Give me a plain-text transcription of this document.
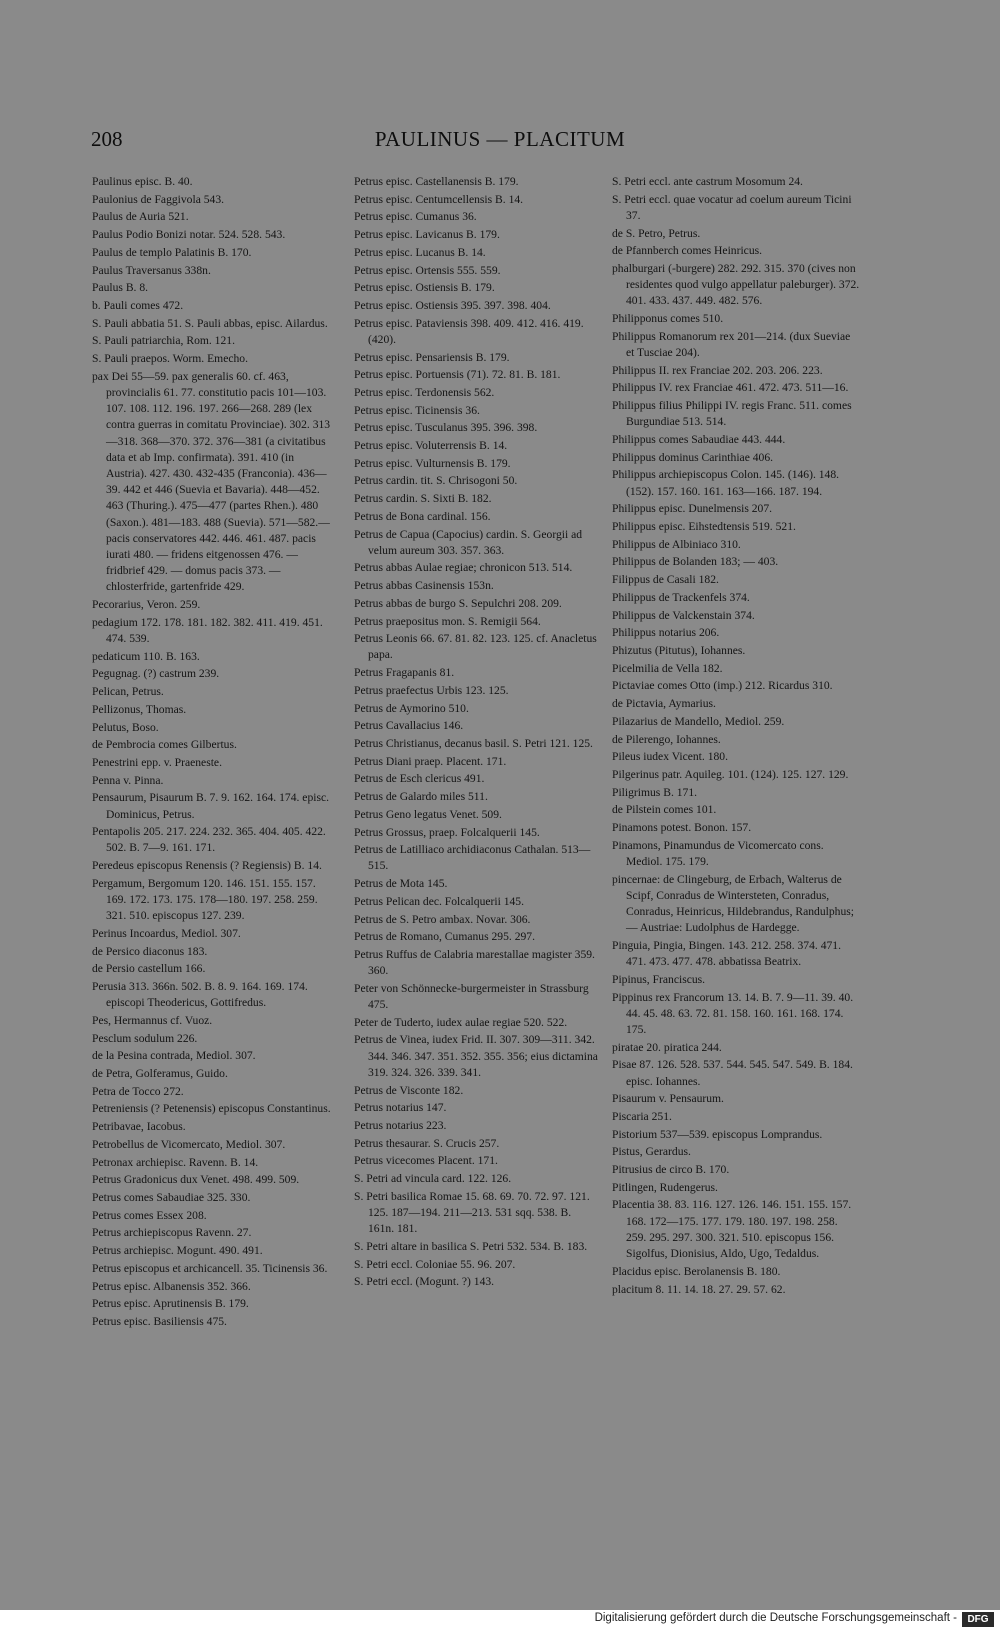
208	PAULINUS — PLACITUM
Paulinus episc. B. 40.
Paulonius de Faggivola 543.
Paulus de Auria 521.
Paulus Podio Bonizi notar. 524. 528. 543.
Paulus de templo Palatinis B. 170.
Paulus Traversanus 338n.
Paulus B. 8.
b. Pauli comes 472.
S. Pauli abbatia 51. S. Pauli abbas, episc. Ailardus.
S. Pauli patriarchia, Rom. 121.
S. Pauli praepos. Worm. Emecho.
pax Dei 55—59. pax generalis 60. cf. 463, provincialis 61. 77. constitutio pacis 101—103. 107. 108. 112. 196. 197. 266—268. 289 (lex contra guerras in comitatu Provinciae). 302. 313—318. 368—370. 372. 376—381 (a civitatibus data et ab Imp. confirmata). 391. 410 (in Austria). 427. 430. 432-435 (Franconia). 436—39. 442 et 446 (Suevia et Bavaria). 448—452. 463 (Thuring.). 475—477 (partes Rhen.). 480 (Saxon.). 481—183. 488 (Suevia). 571—582.— pacis conservatores 442. 446. 461. 487. pacis iurati 480. — fridens eitgenossen 476. — fridbrief 429. — domus pacis 373. — chlosterfride, gartenfride 429.
Pecorarius, Veron. 259.
pedagium 172. 178. 181. 182. 382. 411. 419. 451. 474. 539.
pedaticum 110. B. 163.
Pegugnag. (?) castrum 239.
Pelican, Petrus.
Pellizonus, Thomas.
Pelutus, Boso.
de Pembrocia comes Gilbertus.
Penestrini epp. v. Praeneste.
Penna v. Pinna.
Pensaurum, Pisaurum B. 7. 9. 162. 164. 174. episc. Dominicus, Petrus.
Pentapolis 205. 217. 224. 232. 365. 404. 405. 422. 502. B. 7—9. 161. 171.
Peredeus episcopus Renensis (? Regiensis) B. 14.
Pergamum, Bergomum 120. 146. 151. 155. 157. 169. 172. 173. 175. 178—180. 197. 258. 259. 321. 510. episcopus 127. 239.
Perinus Incoardus, Mediol. 307.
de Persico diaconus 183.
de Persio castellum 166.
Perusia 313. 366n. 502. B. 8. 9. 164. 169. 174. episcopi Theodericus, Gottifredus.
Pes, Hermannus cf. Vuoz.
Pesclum sodulum 226.
de la Pesina contrada, Mediol. 307.
de Petra, Golferamus, Guido.
Petra de Tocco 272.
Petreniensis (? Petenensis) episcopus Constantinus.
Petribavae, Iacobus.
Petrobellus de Vicomercato, Mediol. 307.
Petronax archiepisc. Ravenn. B. 14.
Petrus Gradonicus dux Venet. 498. 499. 509.
Petrus comes Sabaudiae 325. 330.
Petrus comes Essex 208.
Petrus archiepiscopus Ravenn. 27.
Petrus archiepisc. Mogunt. 490. 491.
Petrus episcopus et archicancell. 35. Ticinensis 36.
Petrus episc. Albanensis 352. 366.
Petrus episc. Aprutinensis B. 179.
Petrus episc. Basiliensis 475.
Petrus episc. Castellanensis B. 179.
Petrus episc. Centumcellensis B. 14.
Petrus episc. Cumanus 36.
Petrus episc. Lavicanus B. 179.
Petrus episc. Lucanus B. 14.
Petrus episc. Ortensis 555. 559.
Petrus episc. Ostiensis B. 179.
Petrus episc. Ostiensis 395. 397. 398. 404.
Petrus episc. Pataviensis 398. 409. 412. 416. 419. (420).
Petrus episc. Pensariensis B. 179.
Petrus episc. Portuensis (71). 72. 81. B. 181.
Petrus episc. Terdonensis 562.
Petrus episc. Ticinensis 36.
Petrus episc. Tusculanus 395. 396. 398.
Petrus episc. Voluterrensis B. 14.
Petrus episc. Vulturnensis B. 179.
Petrus cardin. tit. S. Chrisogoni 50.
Petrus cardin. S. Sixti B. 182.
Petrus de Bona cardinal. 156.
Petrus de Capua (Capocius) cardin. S. Georgii ad velum aureum 303. 357. 363.
Petrus abbas Aulae regiae; chronicon 513. 514.
Petrus abbas Casinensis 153n.
Petrus abbas de burgo S. Sepulchri 208. 209.
Petrus praepositus mon. S. Remigii 564.
Petrus Leonis 66. 67. 81. 82. 123. 125. cf. Anacletus papa.
Petrus Fragapanis 81.
Petrus praefectus Urbis 123. 125.
Petrus de Aymorino 510.
Petrus Cavallacius 146.
Petrus Christianus, decanus basil. S. Petri 121. 125.
Petrus Diani praep. Placent. 171.
Petrus de Esch clericus 491.
Petrus de Galardo miles 511.
Petrus Geno legatus Venet. 509.
Petrus Grossus, praep. Folcalquerii 145.
Petrus de Latilliaco archidiaconus Cathalan. 513—515.
Petrus de Mota 145.
Petrus Pelican dec. Folcalquerii 145.
Petrus de S. Petro ambax. Novar. 306.
Petrus de Romano, Cumanus 295. 297.
Petrus Ruffus de Calabria marestallae magister 359. 360.
Peter von Schönnecke-burgermeister in Strassburg 475.
Peter de Tuderto, iudex aulae regiae 520. 522.
Petrus de Vinea, iudex Frid. II. 307. 309—311. 342. 344. 346. 347. 351. 352. 355. 356; eius dictamina 319. 324. 326. 339. 341.
Petrus de Visconte 182.
Petrus notarius 147.
Petrus notarius 223.
Petrus thesaurar. S. Crucis 257.
Petrus vicecomes Placent. 171.
S. Petri ad vincula card. 122. 126.
S. Petri basilica Romae 15. 68. 69. 70. 72. 97. 121. 125. 187—194. 211—213. 531 sqq. 538. B. 161n. 181.
S. Petri altare in basilica S. Petri 532. 534. B. 183.
S. Petri eccl. Coloniae 55. 96. 207.
S. Petri eccl. (Mogunt. ?) 143.
S. Petri eccl. ante castrum Mosomum 24.
S. Petri eccl. quae vocatur ad coelum aureum Ticini 37.
de S. Petro, Petrus.
de Pfannberch comes Heinricus.
phalburgari (-burgere) 282. 292. 315. 370 (cives non residentes quod vulgo appellatur paleburger). 372. 401. 433. 437. 449. 482. 576.
Philipponus comes 510.
Philippus Romanorum rex 201—214. (dux Sueviae et Tusciae 204).
Philippus II. rex Franciae 202. 203. 206. 223.
Philippus IV. rex Franciae 461. 472. 473. 511—16.
Philippus filius Philippi IV. regis Franc. 511. comes Burgundiae 513. 514.
Philippus comes Sabaudiae 443. 444.
Philippus dominus Carinthiae 406.
Philippus archiepiscopus Colon. 145. (146). 148. (152). 157. 160. 161. 163—166. 187. 194.
Philippus episc. Dunelmensis 207.
Philippus episc. Eihstedtensis 519. 521.
Philippus de Albiniaco 310.
Philippus de Bolanden 183; — 403.
Filippus de Casali 182.
Philippus de Trackenfels 374.
Philippus de Valckenstain 374.
Philippus notarius 206.
Phizutus (Pitutus), Iohannes.
Picelmilia de Vella 182.
Pictaviae comes Otto (imp.) 212. Ricardus 310.
de Pictavia, Aymarius.
Pilazarius de Mandello, Mediol. 259.
de Pilerengo, Iohannes.
Pileus iudex Vicent. 180.
Pilgerinus patr. Aquileg. 101. (124). 125. 127. 129.
Piligrimus B. 171.
de Pilstein comes 101.
Pinamons potest. Bonon. 157.
Pinamons, Pinamundus de Vicomercato cons. Mediol. 175. 179.
pincernae: de Clingeburg, de Erbach, Walterus de Scipf, Conradus de Wintersteten, Conradus, Conradus, Heinricus, Hildebrandus, Randulphus; — Austriae: Ludolphus de Hardegge.
Pinguia, Pingia, Bingen. 143. 212. 258. 374. 471. 471. 473. 477. 478. abbatissa Beatrix.
Pipinus, Franciscus.
Pippinus rex Francorum 13. 14. B. 7. 9—11. 39. 40. 44. 45. 48. 63. 72. 81. 158. 160. 161. 168. 174. 175.
piratae 20. piratica 244.
Pisae 87. 126. 528. 537. 544. 545. 547. 549. B. 184. episc. Iohannes.
Pisaurum v. Pensaurum.
Piscaria 251.
Pistorium 537—539. episcopus Lomprandus.
Pistus, Gerardus.
Pitrusius de circo B. 170.
Pitlingen, Rudengerus.
Placentia 38. 83. 116. 127. 126. 146. 151. 155. 157. 168. 172—175. 177. 179. 180. 197. 198. 258. 259. 295. 297. 300. 321. 510. episcopus 156. Sigolfus, Dionisius, Aldo, Ugo, Tedaldus.
Placidus episc. Berolanensis B. 180.
placitum 8. 11. 14. 18. 27. 29. 57. 62.
Digitalisierung gefördert durch die Deutsche Forschungsgemeinschaft -	DFG
